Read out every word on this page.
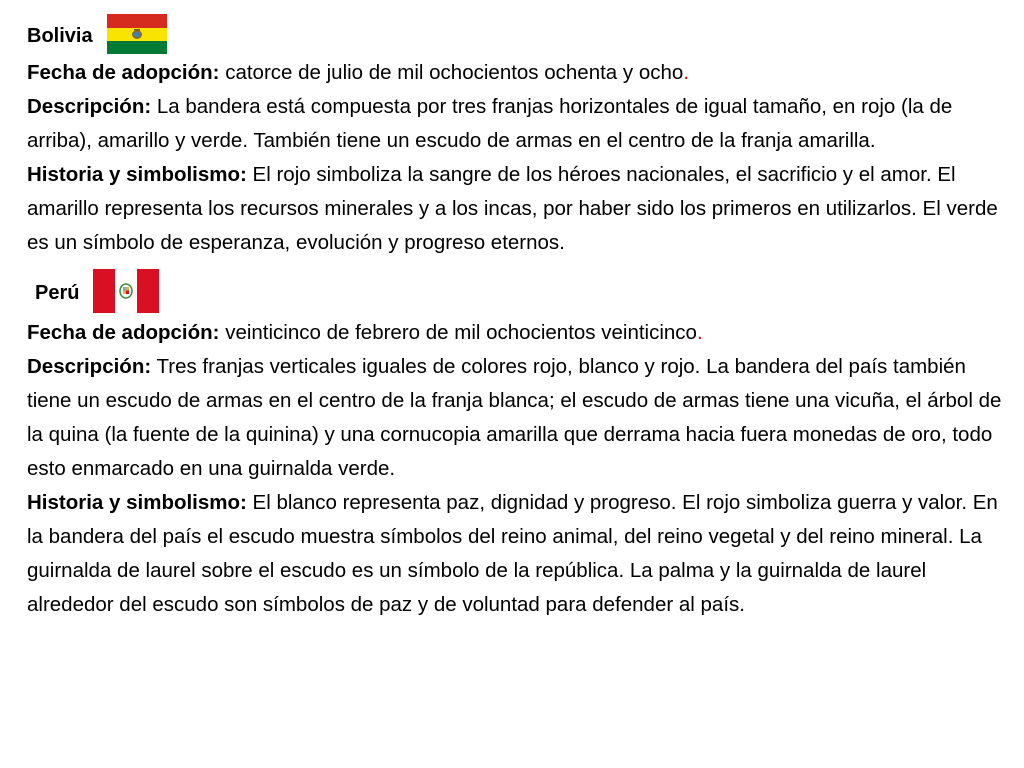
Bolivia
Fecha de adopción: catorce de julio de mil ochocientos ochenta y ocho.
Descripción: La bandera está compuesta por tres franjas horizontales de igual tamaño, en rojo (la de arriba), amarillo y verde. También tiene un escudo de armas en el centro de la franja amarilla.
Historia y simbolismo: El rojo simboliza la sangre de los héroes nacionales, el sacrificio y el amor. El amarillo representa los recursos minerales y a los incas, por haber sido los primeros en utilizarlos. El verde es un símbolo de esperanza, evolución y progreso eternos.
Perú
Fecha de adopción: veinticinco de febrero de mil ochocientos veinticinco.
Descripción: Tres franjas verticales iguales de colores rojo, blanco y rojo. La bandera del país también tiene un escudo de armas en el centro de la franja blanca; el escudo de armas tiene una vicuña, el árbol de la quina (la fuente de la quinina) y una cornucopia amarilla que derrama hacia fuera monedas de oro, todo esto enmarcado en una guirnalda verde.
Historia y simbolismo: El blanco representa paz, dignidad y progreso. El rojo simboliza guerra y valor. En la bandera del país el escudo muestra símbolos del reino animal, del reino vegetal y del reino mineral. La guirnalda de laurel sobre el escudo es un símbolo de la república. La palma y la guirnalda de laurel alrededor del escudo son símbolos de paz y de voluntad para defender al país.
